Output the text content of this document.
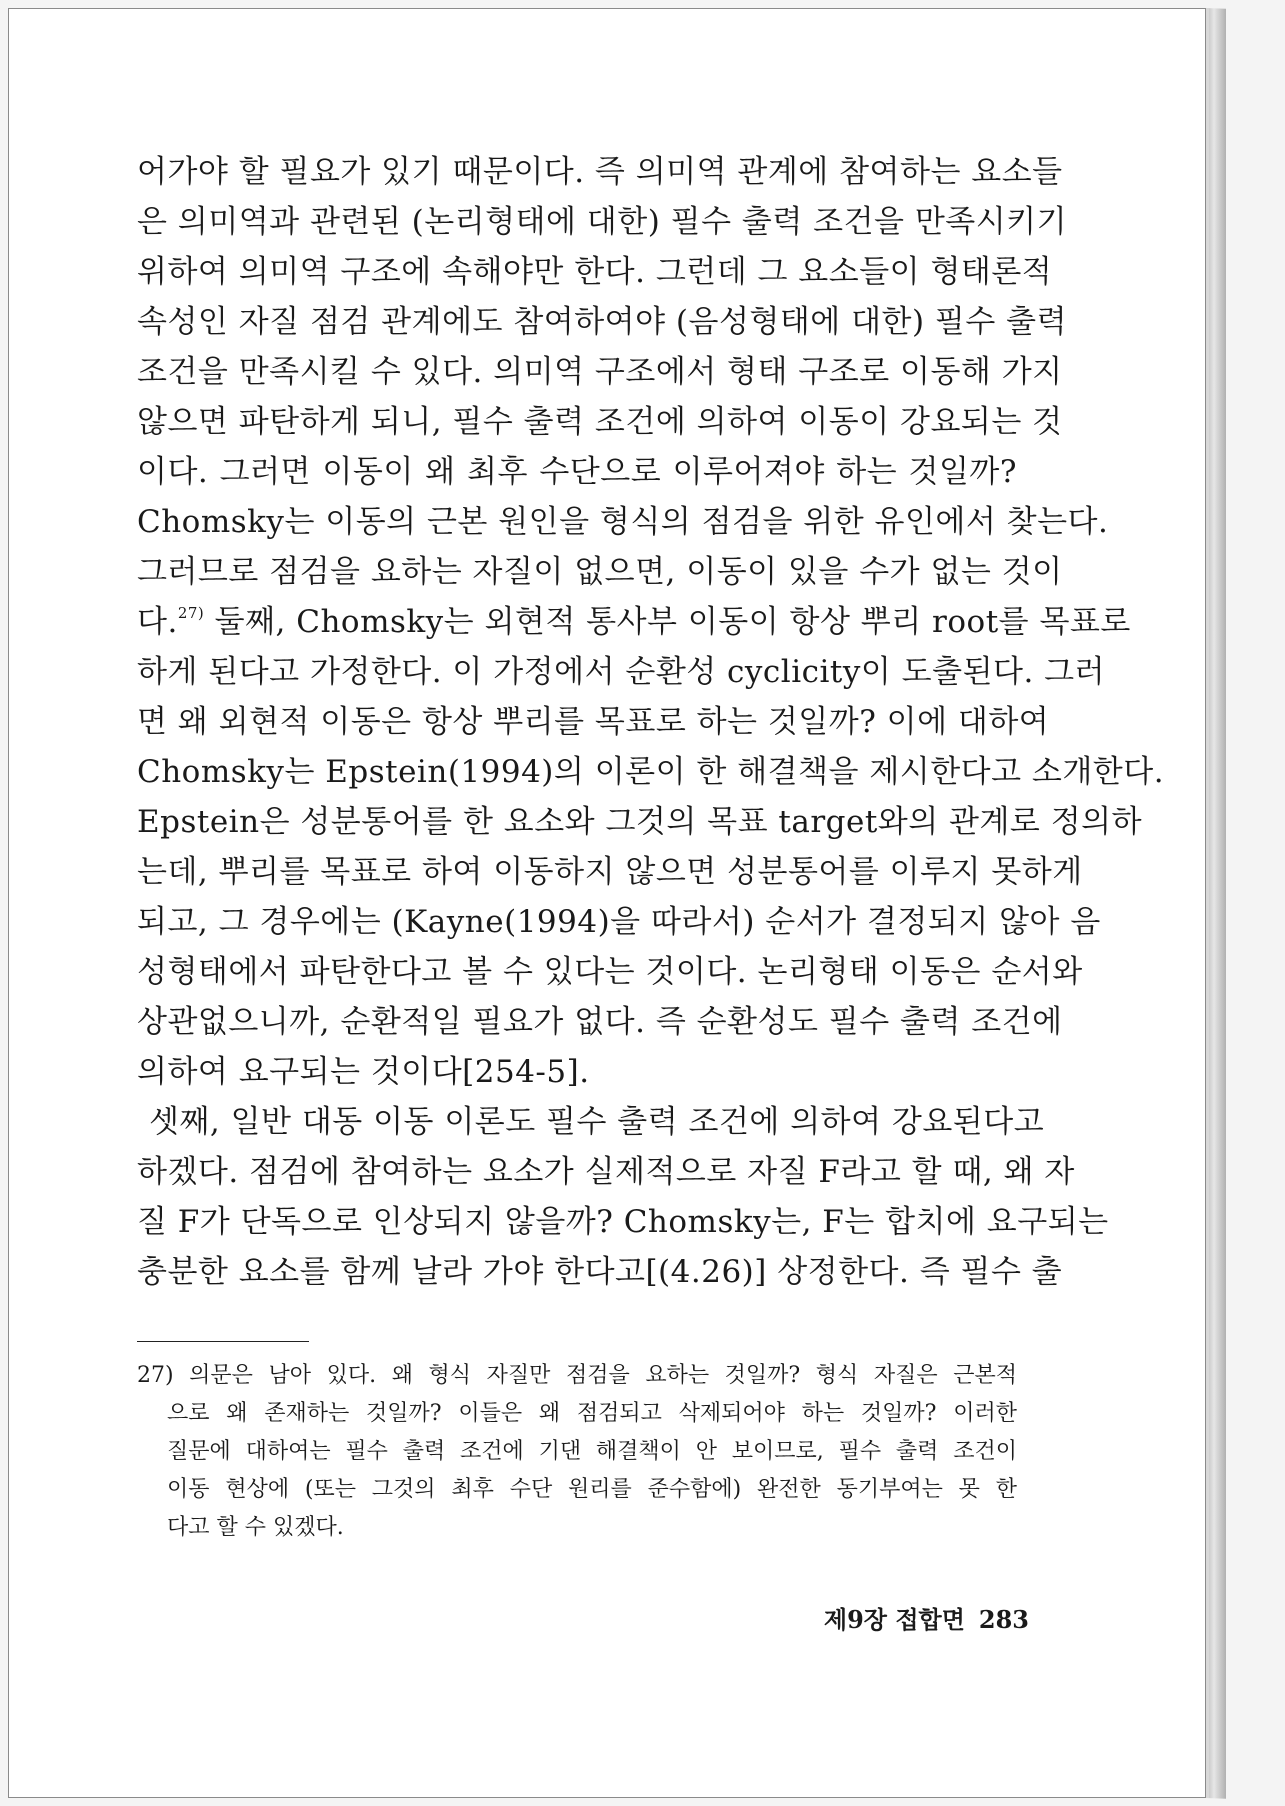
어가야 할 필요가 있기 때문이다. 즉 의미역 관계에 참여하는 요소들
은 의미역과 관련된 (논리형태에 대한) 필수 출력 조건을 만족시키기
위하여 의미역 구조에 속해야만 한다. 그런데 그 요소들이 형태론적
속성인 자질 점검 관계에도 참여하여야 (음성형태에 대한) 필수 출력
조건을 만족시킬 수 있다. 의미역 구조에서 형태 구조로 이동해 가지
않으면 파탄하게 되니, 필수 출력 조건에 의하여 이동이 강요되는 것
이다. 그러면 이동이 왜 최후 수단으로 이루어져야 하는 것일까?
Chomsky는 이동의 근본 원인을 형식의 점검을 위한 유인에서 찾는다.
그러므로 점검을 요하는 자질이 없으면, 이동이 있을 수가 없는 것이
다.$^{27)}$ 둘째, Chomsky는 외현적 통사부 이동이 항상 뿌리 root를 목표로
하게 된다고 가정한다. 이 가정에서 순환성 cyclicity이 도출된다. 그러
면 왜 외현적 이동은 항상 뿌리를 목표로 하는 것일까? 이에 대하여
Chomsky는 Epstein(1994)의 이론이 한 해결책을 제시한다고 소개한다.
Epstein은 성분통어를 한 요소와 그것의 목표 target와의 관계로 정의하
는데, 뿌리를 목표로 하여 이동하지 않으면 성분통어를 이루지 못하게
되고, 그 경우에는 (Kayne(1994)을 따라서) 순서가 결정되지 않아 음
성형태에서 파탄한다고 볼 수 있다는 것이다. 논리형태 이동은 순서와
상관없으니까, 순환적일 필요가 없다. 즉 순환성도 필수 출력 조건에
의하여 요구되는 것이다[254-5].
셋째, 일반 대동 이동 이론도 필수 출력 조건에 의하여 강요된다고
하겠다. 점검에 참여하는 요소가 실제적으로 자질 F라고 할 때, 왜 자
질 F가 단독으로 인상되지 않을까? Chomsky는, F는 합치에 요구되는
충분한 요소를 함께 날라 가야 한다고[(4.26)] 상정한다. 즉 필수 출
27) 의문은 남아 있다. 왜 형식 자질만 점검을 요하는 것일까? 형식 자질은 근본적
으로 왜 존재하는 것일까? 이들은 왜 점검되고 삭제되어야 하는 것일까? 이러한
질문에 대하여는 필수 출력 조건에 기댄 해결책이 안 보이므로, 필수 출력 조건이
이동 현상에 (또는 그것의 최후 수단 원리를 준수함에) 완전한 동기부여는 못 한
다고 할 수 있겠다.
제9장 접합면 283
